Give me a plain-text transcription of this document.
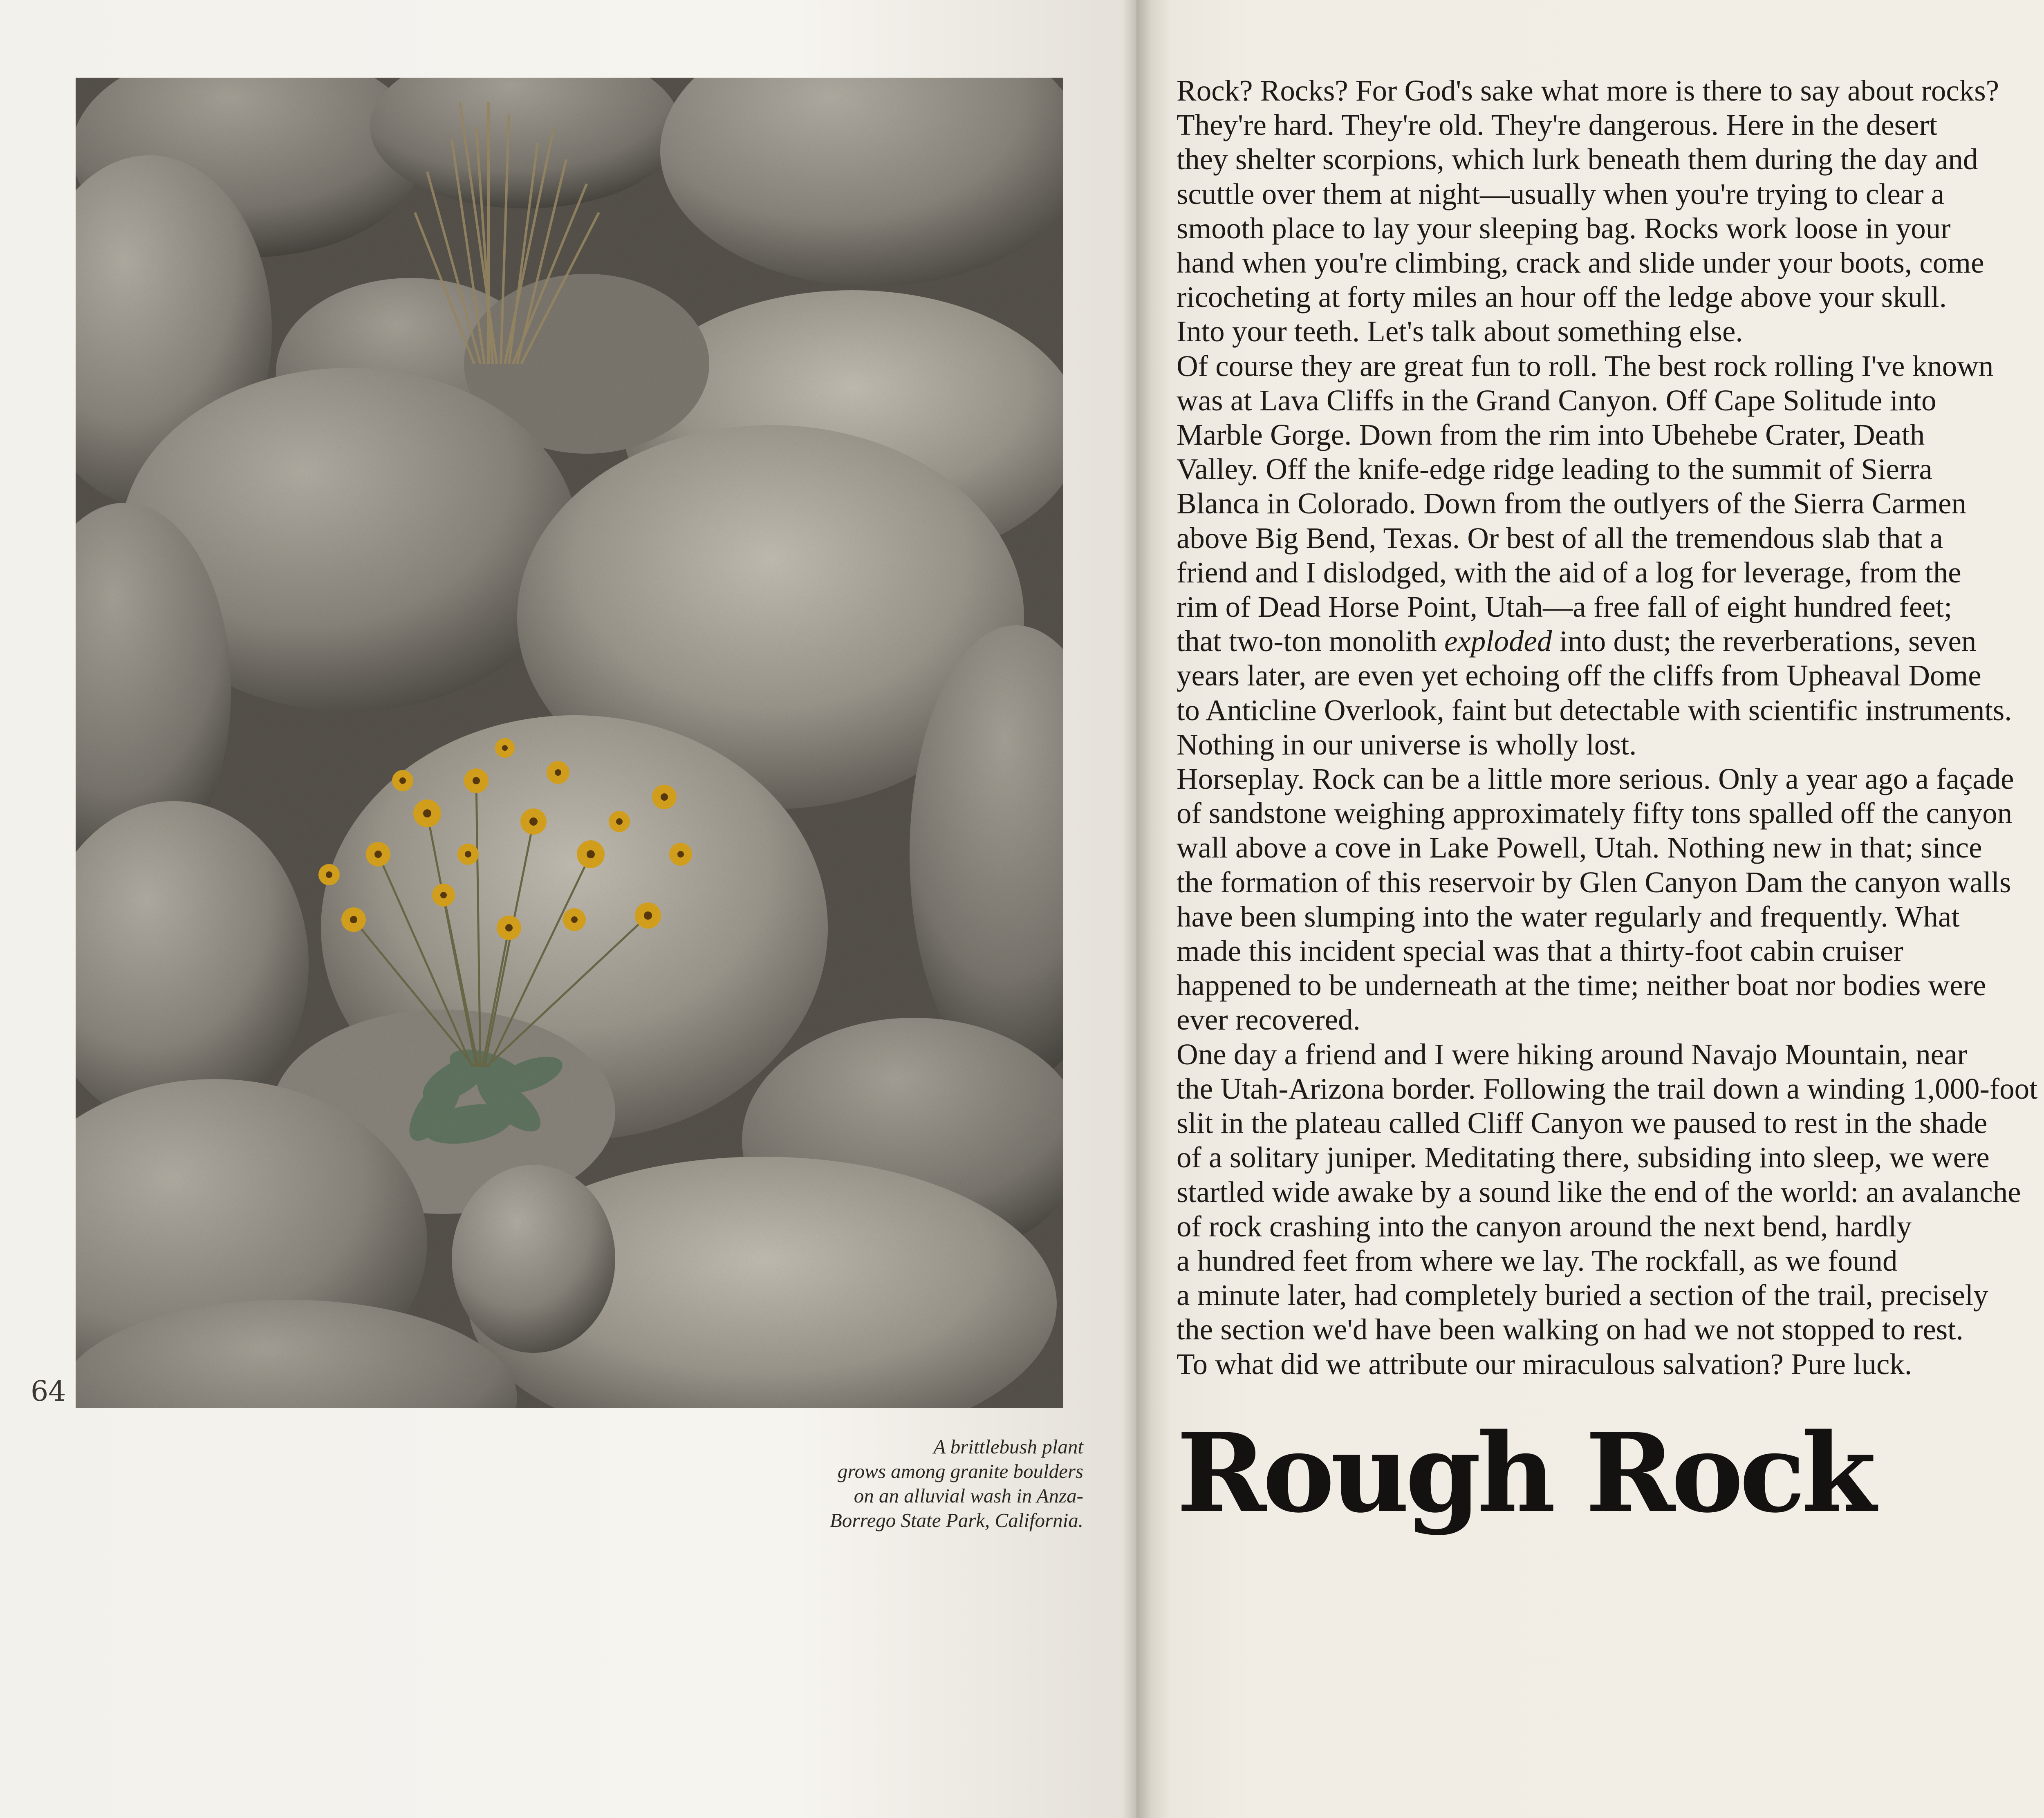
64
A brittlebush plant
grows among granite boulders
on an alluvial wash in Anza-
Borrego State Park, California.
Rock? Rocks? For God's sake what more is there to say about rocks?
They're hard. They're old. They're dangerous. Here in the desert
they shelter scorpions, which lurk beneath them during the day and
scuttle over them at night—usually when you're trying to clear a
smooth place to lay your sleeping bag. Rocks work loose in your
hand when you're climbing, crack and slide under your boots, come
ricocheting at forty miles an hour off the ledge above your skull.
Into your teeth. Let's talk about something else.
Of course they are great fun to roll. The best rock rolling I've known
was at Lava Cliffs in the Grand Canyon. Off Cape Solitude into
Marble Gorge. Down from the rim into Ubehebe Crater, Death
Valley. Off the knife-edge ridge leading to the summit of Sierra
Blanca in Colorado. Down from the outlyers of the Sierra Carmen
above Big Bend, Texas. Or best of all the tremendous slab that a
friend and I dislodged, with the aid of a log for leverage, from the
rim of Dead Horse Point, Utah—a free fall of eight hundred feet;
that two-ton monolith exploded into dust; the reverberations, seven
years later, are even yet echoing off the cliffs from Upheaval Dome
to Anticline Overlook, faint but detectable with scientific instruments.
Nothing in our universe is wholly lost.
Horseplay. Rock can be a little more serious. Only a year ago a façade
of sandstone weighing approximately fifty tons spalled off the canyon
wall above a cove in Lake Powell, Utah. Nothing new in that; since
the formation of this reservoir by Glen Canyon Dam the canyon walls
have been slumping into the water regularly and frequently. What
made this incident special was that a thirty-foot cabin cruiser
happened to be underneath at the time; neither boat nor bodies were
ever recovered.
One day a friend and I were hiking around Navajo Mountain, near
the Utah-Arizona border. Following the trail down a winding 1,000-foot
slit in the plateau called Cliff Canyon we paused to rest in the shade
of a solitary juniper. Meditating there, subsiding into sleep, we were
startled wide awake by a sound like the end of the world: an avalanche
of rock crashing into the canyon around the next bend, hardly
a hundred feet from where we lay. The rockfall, as we found
a minute later, had completely buried a section of the trail, precisely
the section we'd have been walking on had we not stopped to rest.
To what did we attribute our miraculous salvation? Pure luck.
Rough Rock
